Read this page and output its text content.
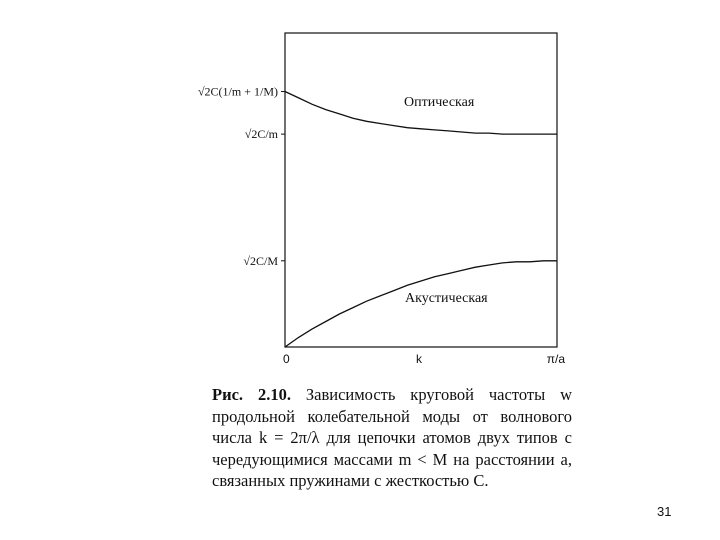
√2C(1/m + 1/M)
√2C/m
√2C/M
0	k	π/a
Оптическая
Акустическая
Рис. 2.10. Зависимость круговой частоты w продольной колебательной моды от волнового числа k = 2π/λ для цепочки атомов двух типов с чередующимися массами m < M на расстоянии a, связанных пружинами с жесткостью C.
31
